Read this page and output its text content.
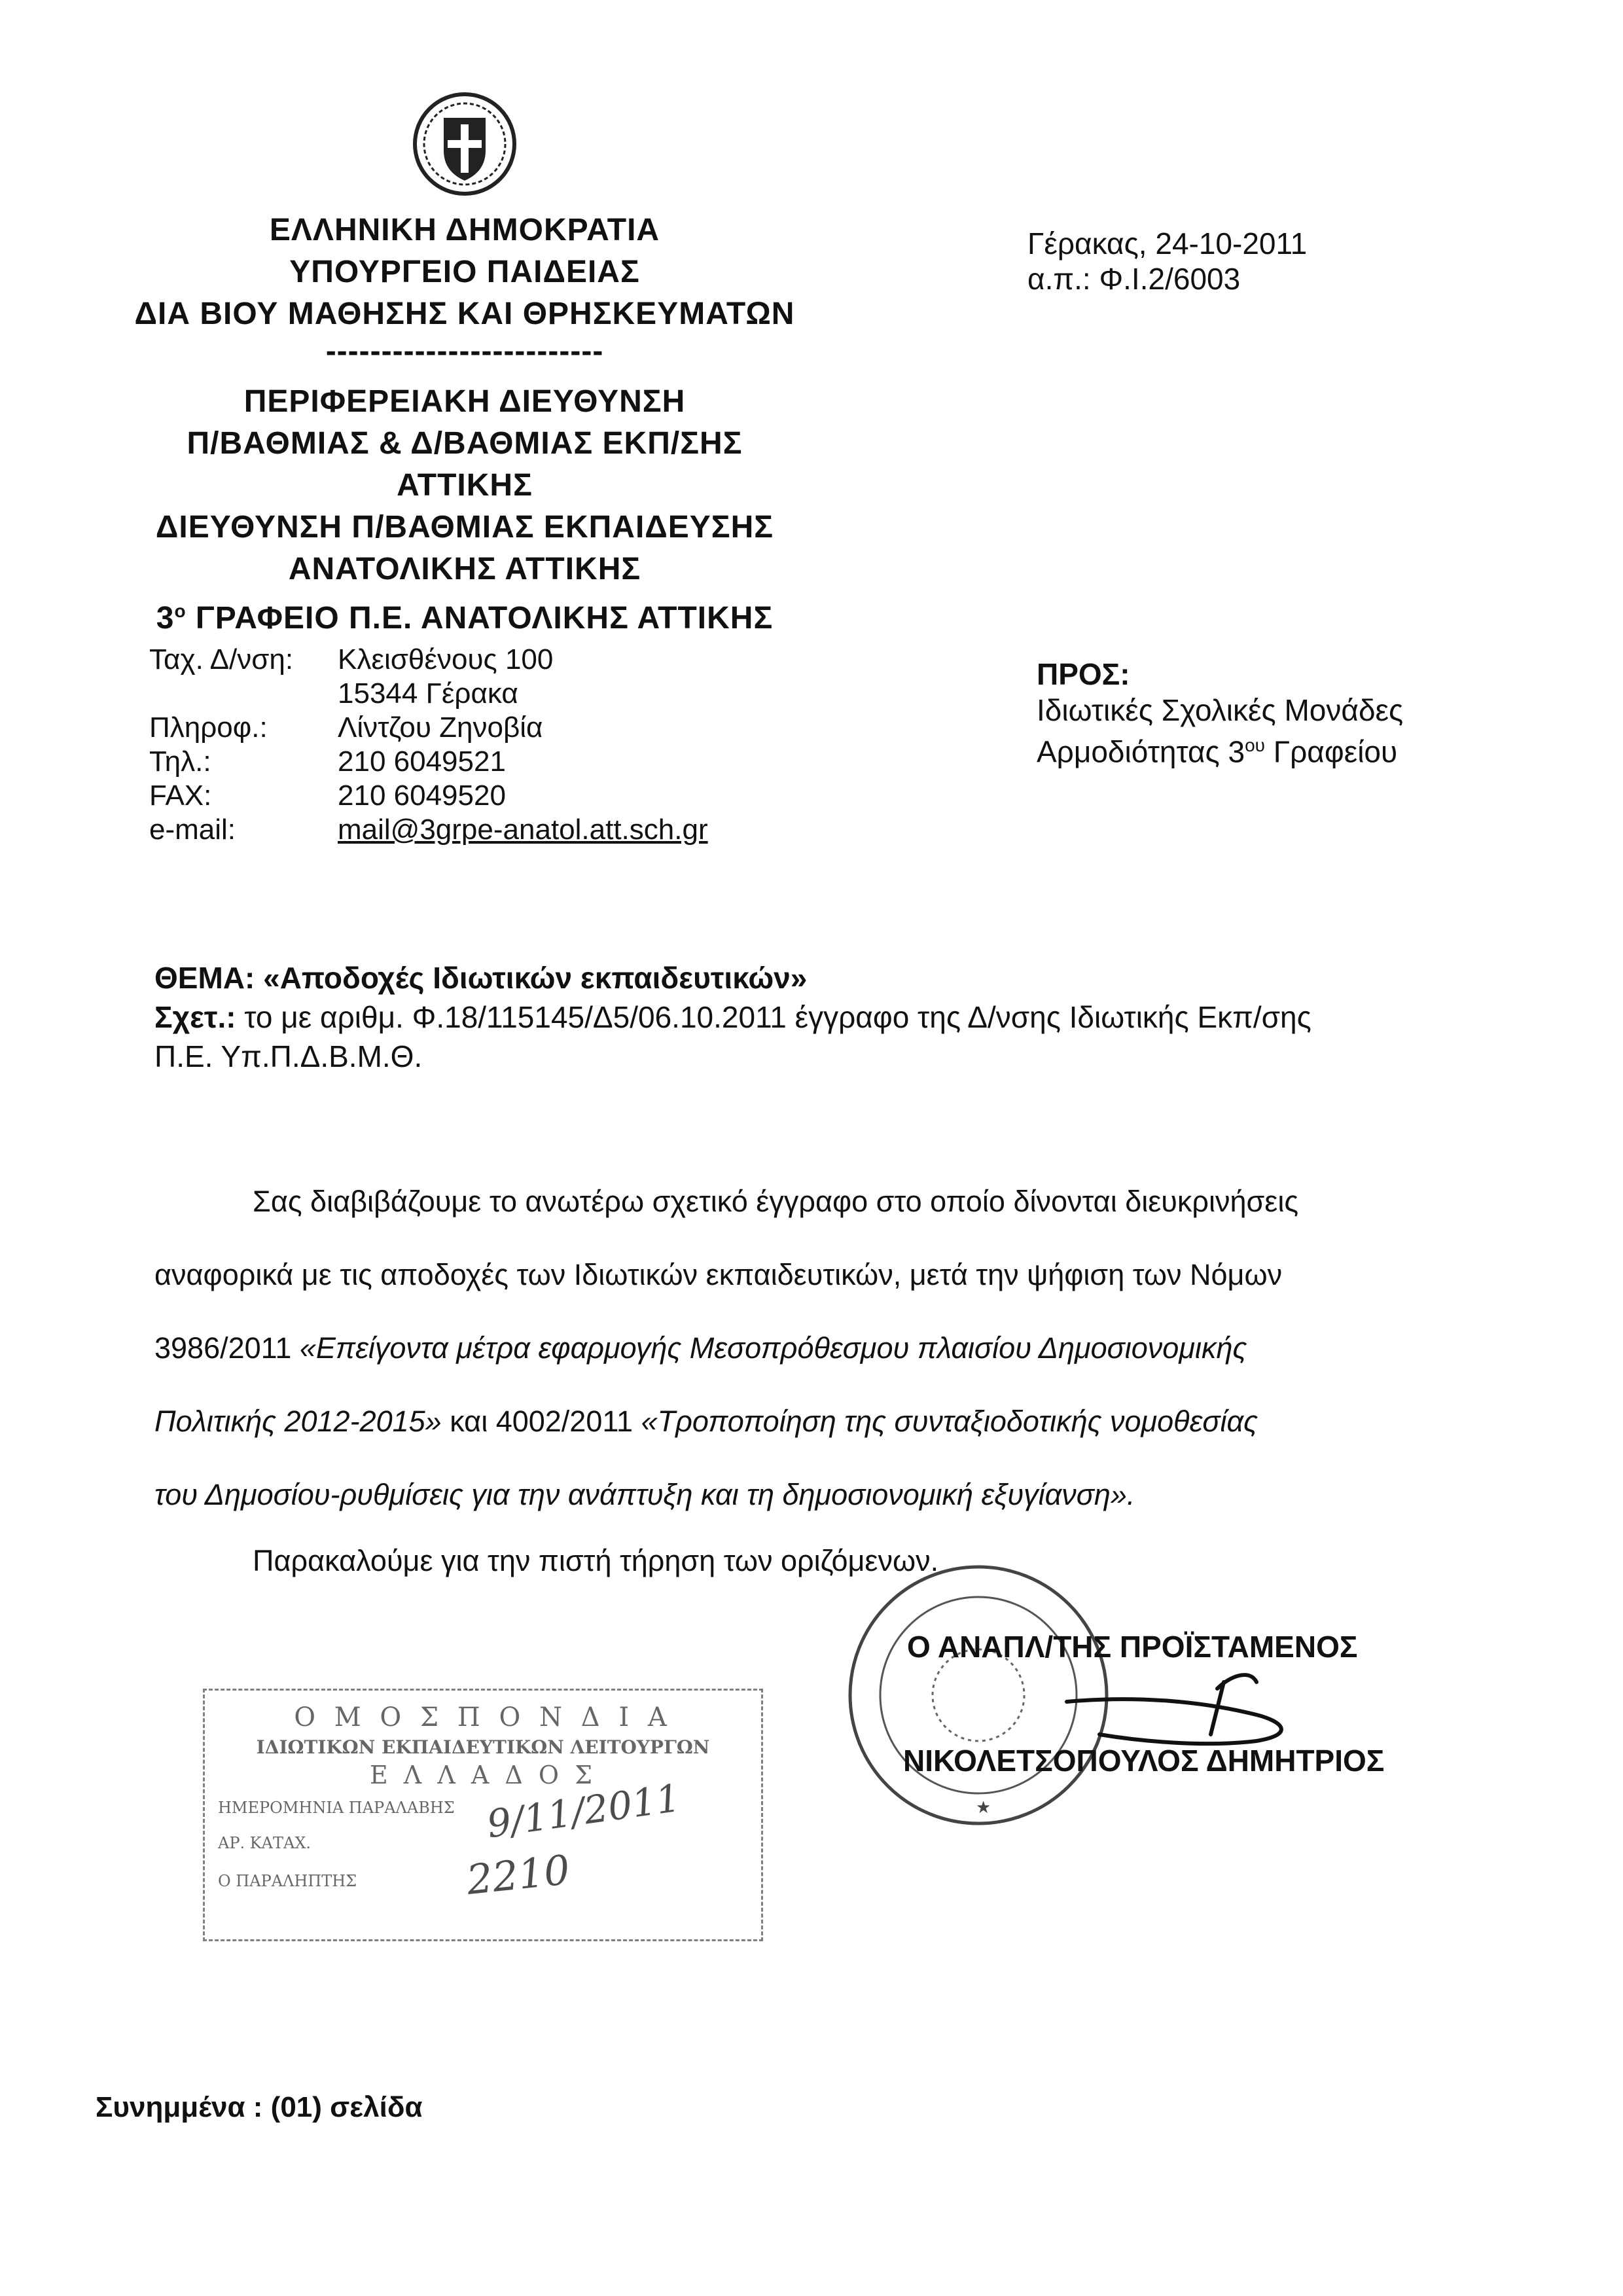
ΕΛΛΗΝΙΚΗ ΔΗΜΟΚΡΑΤΙΑ
ΥΠΟΥΡΓΕΙΟ ΠΑΙΔΕΙΑΣ
ΔΙΑ ΒΙΟΥ ΜΑΘΗΣΗΣ ΚΑΙ ΘΡΗΣΚΕΥΜΑΤΩΝ
-------------------------
ΠΕΡΙΦΕΡΕΙΑΚΗ ΔΙΕΥΘΥΝΣΗ
Π/ΒΑΘΜΙΑΣ & Δ/ΒΑΘΜΙΑΣ ΕΚΠ/ΣΗΣ ΑΤΤΙΚΗΣ
ΔΙΕΥΘΥΝΣΗ Π/ΒΑΘΜΙΑΣ ΕΚΠΑΙΔΕΥΣΗΣ
ΑΝΑΤΟΛΙΚΗΣ ΑΤΤΙΚΗΣ
$3^o$ ΓΡΑΦΕΙΟ Π.Ε. ΑΝΑΤΟΛΙΚΗΣ ΑΤΤΙΚΗΣ
Γέρακας, 24-10-2011
α.π.: Φ.Ι.2/6003
Ταχ. Δ/νση:
Πληροφ.:
Τηλ.:
FAX:
e-mail:
Κλεισθένους 100
15344 Γέρακα
Λίντζου Ζηνοβία
210 6049521
210 6049520
mail@3grpe-anatol.att.sch.gr
ΠΡΟΣ:
Ιδιωτικές Σχολικές Μονάδες
Αρμοδιότητας $3^{o\upsilon}$ Γραφείου
ΘΕΜΑ: «Αποδοχές Ιδιωτικών εκπαιδευτικών»
Σχετ.: το με αριθμ. Φ.18/115145/Δ5/06.10.2011 έγγραφο της Δ/νσης Ιδιωτικής Εκπ/σης
Π.Ε. Υπ.Π.Δ.Β.Μ.Θ.
Σας διαβιβάζουμε το ανωτέρω σχετικό έγγραφο στο οποίο δίνονται διευκρινήσεις
αναφορικά με τις αποδοχές των Ιδιωτικών εκπαιδευτικών, μετά την ψήφιση των Νόμων
3986/2011 «Επείγοντα μέτρα εφαρμογής Μεσοπρόθεσμου πλαισίου Δημοσιονομικής
Πολιτικής 2012-2015» και 4002/2011 «Τροποποίηση της συνταξιοδοτικής νομοθεσίας
του Δημοσίου-ρυθμίσεις για την ανάπτυξη και τη δημοσιονομική εξυγίανση».
Παρακαλούμε για την πιστή τήρηση των οριζόμενων.
★
Ο ΑΝΑΠΛ/ΤΗΣ ΠΡΟΪΣΤΑΜΕΝΟΣ
ΝΙΚΟΛΕΤΣΟΠΟΥΛΟΣ ΔΗΜΗΤΡΙΟΣ
Ο Μ Ο Σ Π Ο Ν Δ Ι Α
ΙΔΙΩΤΙΚΩΝ ΕΚΠΑΙΔΕΥΤΙΚΩΝ ΛΕΙΤΟΥΡΓΩΝ
Ε Λ Λ Α Δ Ο Σ
ΗΜΕΡΟΜΗΝΙΑ ΠΑΡΑΛΑΒΗΣ
ΑΡ. ΚΑΤΑΧ.
Ο ΠΑΡΑΛΗΠΤΗΣ
9/11/2011
2210
Συνημμένα : (01) σελίδα
